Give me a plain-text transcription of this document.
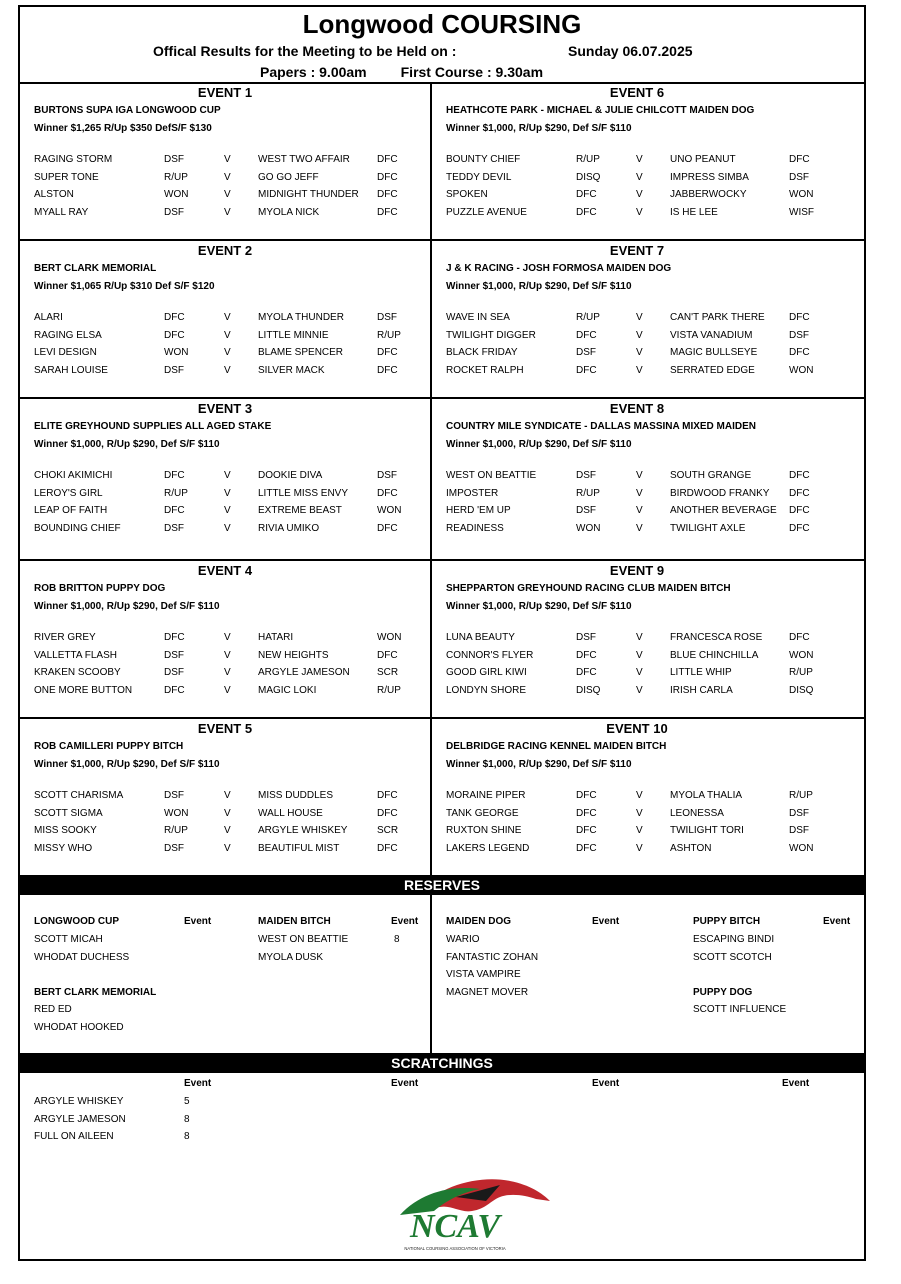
Longwood COURSING
Offical Results for the Meeting to be Held on :	Sunday 06.07.2025
Papers : 9.00am First Course : 9.30am
EVENT 1
BURTONS SUPA IGA LONGWOOD CUP
Winner $1,265 R/Up $350 DefS/F $130
RAGING STORM	DSF	V	WEST TWO AFFAIR	DFC
SUPER TONE	R/UP	V	GO GO JEFF	DFC
ALSTON	WON	V	MIDNIGHT THUNDER DFC
MYALL RAY	DSF	V	MYOLA NICK	DFC
EVENT 2
BERT CLARK MEMORIAL
Winner $1,065 R/Up $310 Def S/F $120
ALARI	DFC	V	MYOLA THUNDER	DSF
RAGING ELSA	DFC	V	LITTLE MINNIE	R/UP
LEVI DESIGN	WON	V	BLAME SPENCER	DFC
SARAH LOUISE	DSF	V	SILVER MACK	DFC
EVENT 3
ELITE GREYHOUND SUPPLIES ALL AGED STAKE
Winner $1,000, R/Up $290, Def S/F $110
CHOKI AKIMICHI	DFC	V	DOOKIE DIVA	DSF
LEROY'S GIRL	R/UP	V	LITTLE MISS ENVY	DFC
LEAP OF FAITH	DFC	V	EXTREME BEAST	WON
BOUNDING CHIEF	DSF	V	RIVIA UMIKO	DFC
EVENT 4
ROB BRITTON PUPPY DOG
Winner $1,000, R/Up $290, Def S/F $110
RIVER GREY	DFC	V	HATARI	WON
VALLETTA FLASH	DSF	V	NEW HEIGHTS	DFC
KRAKEN SCOOBY	DSF	V	ARGYLE JAMESON	SCR
ONE MORE BUTTON	DFC	V	MAGIC LOKI	R/UP
EVENT 5
ROB CAMILLERI PUPPY BITCH
Winner $1,000, R/Up $290, Def S/F $110
SCOTT CHARISMA	DSF	V	MISS DUDDLES	DFC
SCOTT SIGMA	WON	V	WALL HOUSE	DFC
MISS SOOKY	R/UP	V	ARGYLE WHISKEY	SCR
MISSY WHO	DSF	V	BEAUTIFUL MIST	DFC
EVENT 6
HEATHCOTE PARK - MICHAEL & JULIE CHILCOTT MAIDEN DOG
Winner $1,000, R/Up $290, Def S/F $110
BOUNTY CHIEF	R/UP	V	UNO PEANUT	DFC
TEDDY DEVIL	DISQ	V	IMPRESS SIMBA	DSF
SPOKEN	DFC	V	JABBERWOCKY	WON
PUZZLE AVENUE	DFC	V	IS HE LEE	WISF
EVENT 7
J & K RACING - JOSH FORMOSA MAIDEN DOG
Winner $1,000, R/Up $290, Def S/F $110
WAVE IN SEA	R/UP	V	CAN'T PARK THERE DFC
TWILIGHT DIGGER	DFC	V	VISTA VANADIUM	DSF
BLACK FRIDAY	DSF	V	MAGIC BULLSEYE	DFC
ROCKET RALPH	DFC	V	SERRATED EDGE	WON
EVENT 8
COUNTRY MILE SYNDICATE - DALLAS MASSINA MIXED MAIDEN
Winner $1,000, R/Up $290, Def S/F $110
WEST ON BEATTIE	DSF	V	SOUTH GRANGE	DFC
IMPOSTER	R/UP	V	BIRDWOOD FRANKY DFC
HERD 'EM UP	DSF	V	ANOTHER BEVERAGE DFC
READINESS	WON	V	TWILIGHT AXLE	DFC
EVENT 9
SHEPPARTON GREYHOUND RACING CLUB MAIDEN BITCH
Winner $1,000, R/Up $290, Def S/F $110
LUNA BEAUTY	DSF	V	FRANCESCA ROSE	DFC
CONNOR'S FLYER	DFC	V	BLUE CHINCHILLA	WON
GOOD GIRL KIWI	DFC	V	LITTLE WHIP	R/UP
LONDYN SHORE	DISQ	V	IRISH CARLA	DISQ
EVENT 10
DELBRIDGE RACING KENNEL MAIDEN BITCH
Winner $1,000, R/Up $290, Def S/F $110
MORAINE PIPER	DFC	V	MYOLA THALIA	R/UP
TANK GEORGE	DFC	V	LEONESSA	DSF
RUXTON SHINE	DFC	V	TWILIGHT TORI	DSF
LAKERS LEGEND	DFC	V	ASHTON	WON
RESERVES
LONGWOOD CUP	Event
SCOTT MICAH
WHODAT DUCHESS
BERT CLARK MEMORIAL
RED ED
WHODAT HOOKED
MAIDEN BITCH	Event
WEST ON BEATTIE	8
MYOLA DUSK
MAIDEN DOG	Event
WARIO
FANTASTIC ZOHAN
VISTA VAMPIRE
MAGNET MOVER
PUPPY BITCH	Event
ESCAPING BINDI
SCOTT SCOTCH
PUPPY DOG
SCOTT INFLUENCE
SCRATCHINGS
Event	Event	Event	Event
ARGYLE WHISKEY	5
ARGYLE JAMESON	8
FULL ON AILEEN	8
NCAV
NATIONAL COURSING ASSOCIATION OF VICTORIA
